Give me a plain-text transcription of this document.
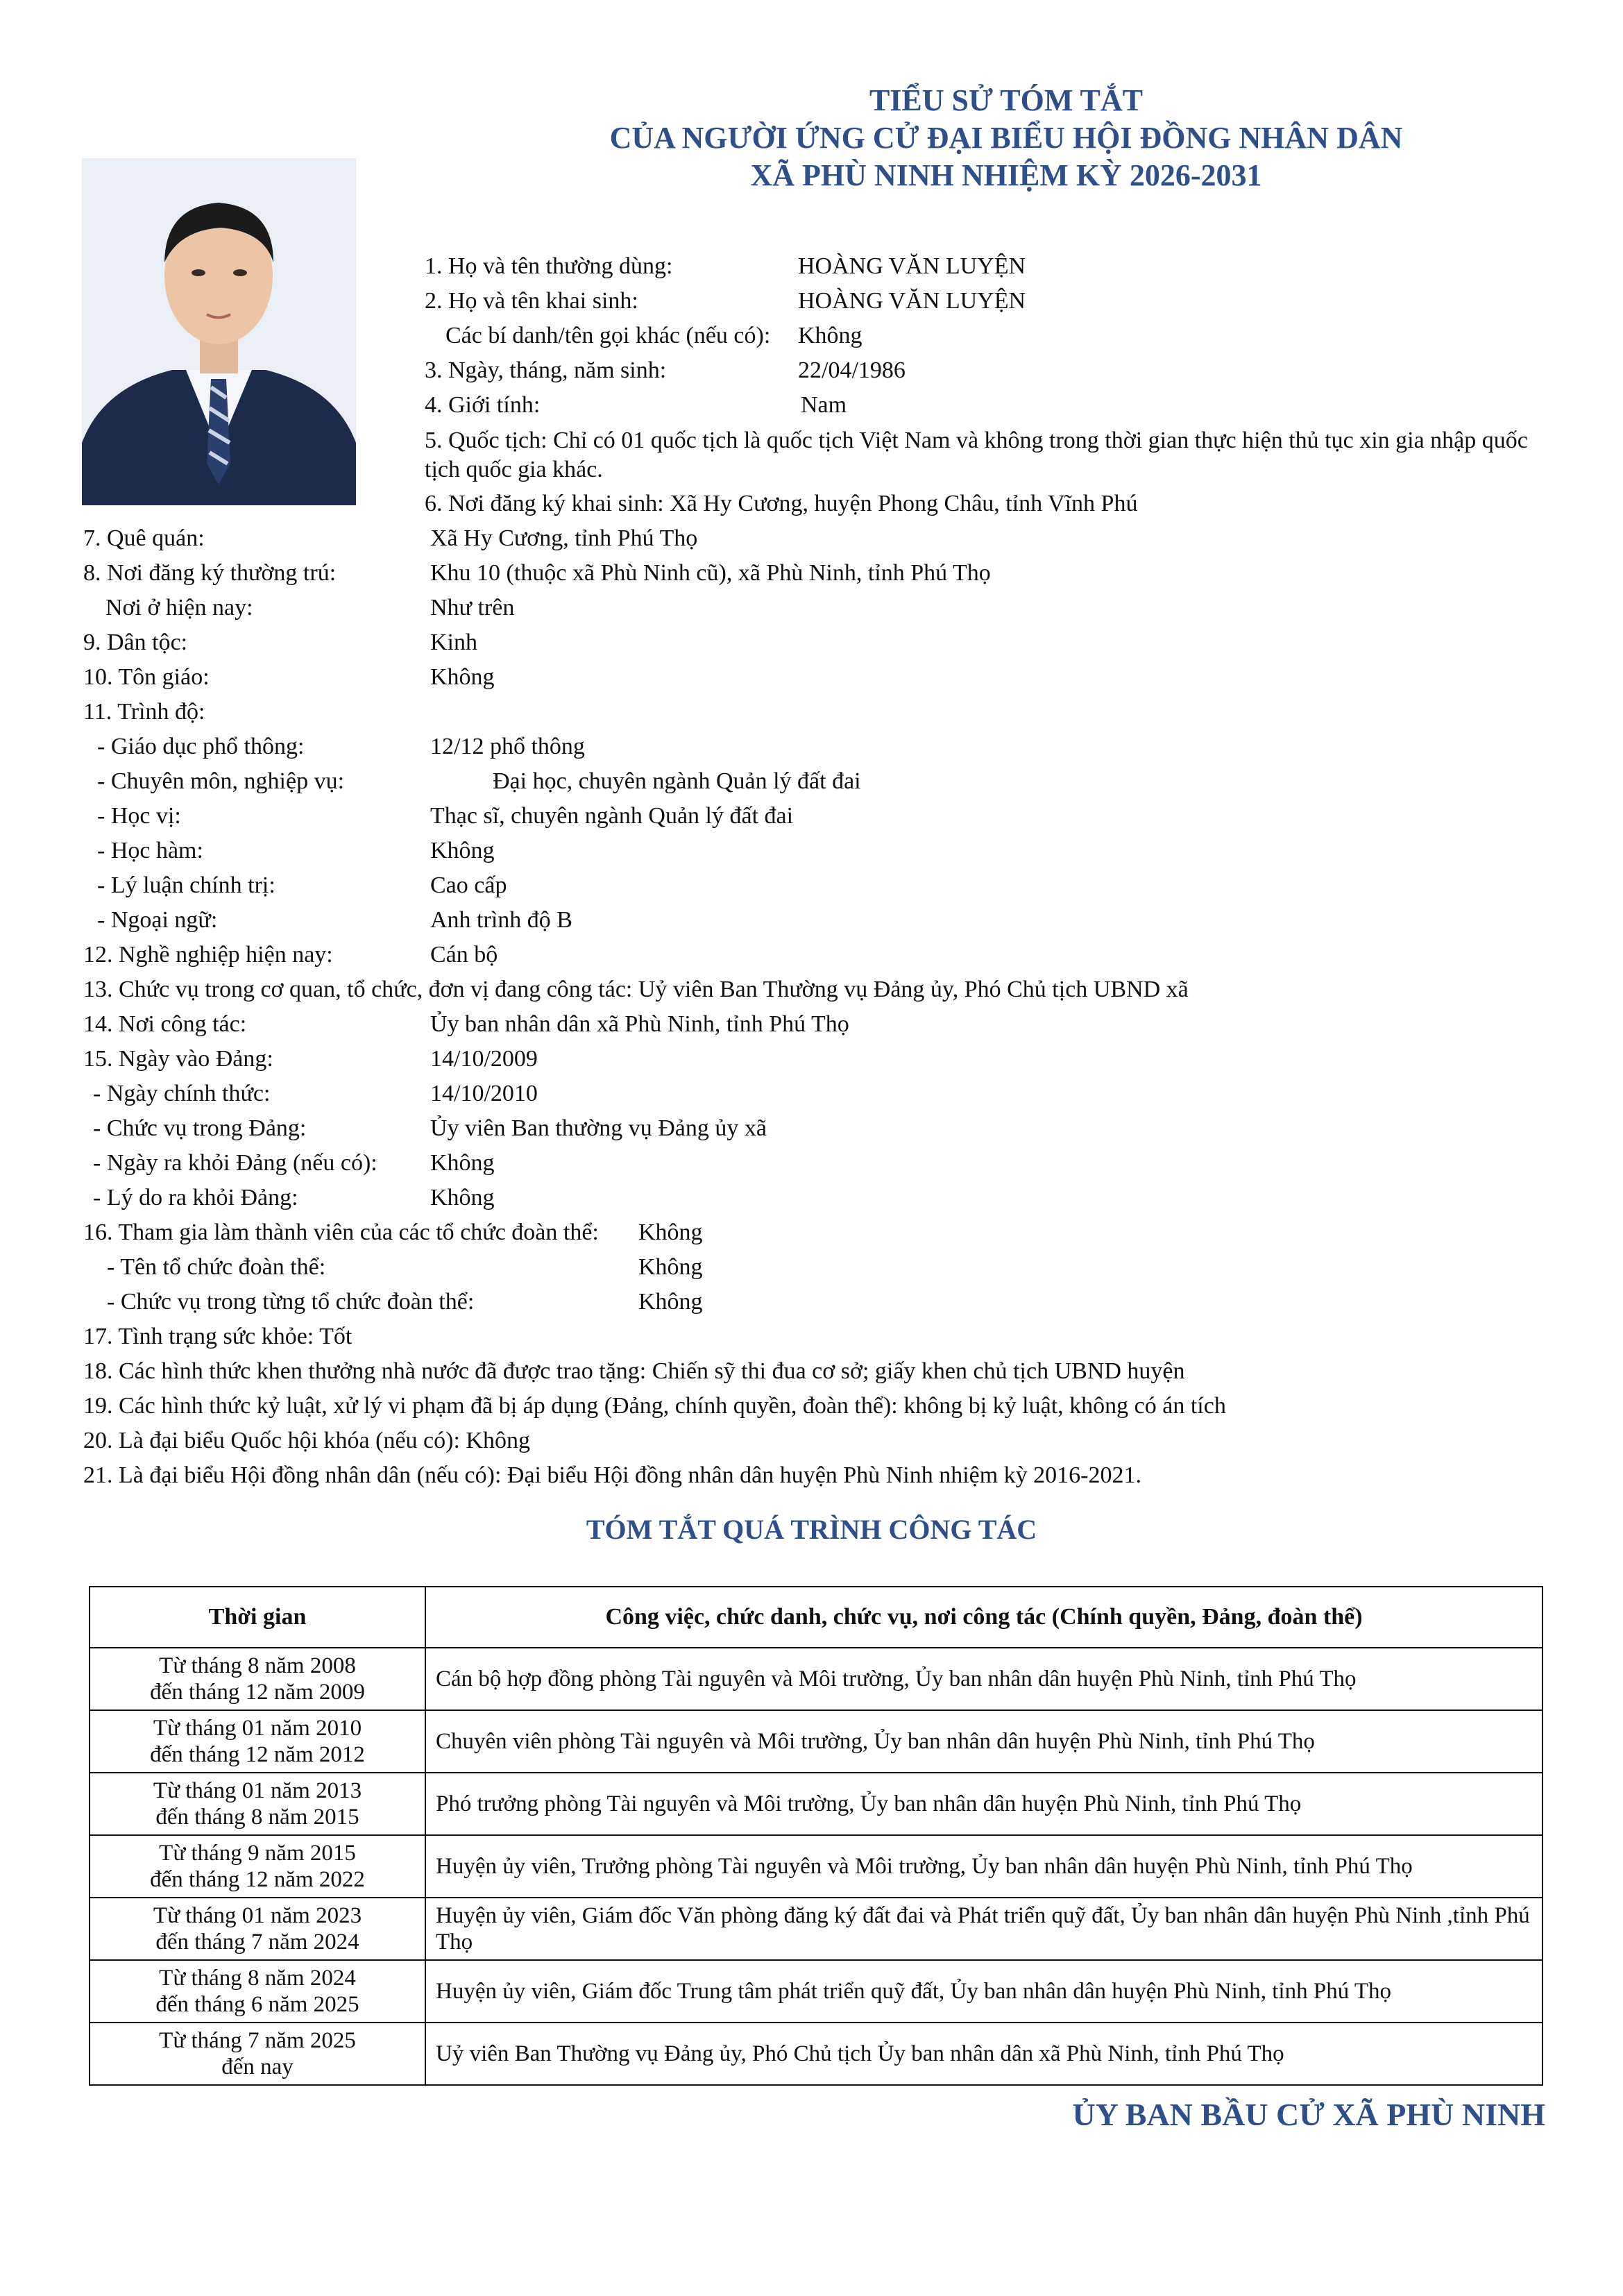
TIỂU SỬ TÓM TẮT
CỦA NGƯỜI ỨNG CỬ ĐẠI BIỂU HỘI ĐỒNG NHÂN DÂN
XÃ PHÙ NINH NHIỆM KỲ 2026-2031
1. Họ và tên thường dùng:	HOÀNG VĂN LUYỆN
2. Họ và tên khai sinh:	HOÀNG VĂN LUYỆN
Các bí danh/tên gọi khác (nếu có): Không
3. Ngày, tháng, năm sinh:	22/04/1986
4. Giới tính:	Nam
5. Quốc tịch: Chỉ có 01 quốc tịch là quốc tịch Việt Nam và không trong thời gian thực hiện thủ tục xin gia nhập quốc tịch quốc gia khác.
6. Nơi đăng ký khai sinh: Xã Hy Cương, huyện Phong Châu, tỉnh Vĩnh Phú
7. Quê quán:	Xã Hy Cương, tỉnh Phú Thọ
8. Nơi đăng ký thường trú:	Khu 10 (thuộc xã Phù Ninh cũ), xã Phù Ninh, tỉnh Phú Thọ
Nơi ở hiện nay:	Như trên
9. Dân tộc:	Kinh
10. Tôn giáo:	Không
11. Trình độ:
- Giáo dục phổ thông:	12/12 phổ thông
- Chuyên môn, nghiệp vụ:	Đại học, chuyên ngành Quản lý đất đai
- Học vị:	Thạc sĩ, chuyên ngành Quản lý đất đai
- Học hàm:	Không
- Lý luận chính trị:	Cao cấp
- Ngoại ngữ:	Anh trình độ B
12. Nghề nghiệp hiện nay:	Cán bộ
13. Chức vụ trong cơ quan, tổ chức, đơn vị đang công tác: Uỷ viên Ban Thường vụ Đảng ủy, Phó Chủ tịch UBND xã
14. Nơi công tác:	Ủy ban nhân dân xã Phù Ninh, tỉnh Phú Thọ
15. Ngày vào Đảng:	14/10/2009
- Ngày chính thức:	14/10/2010
- Chức vụ trong Đảng:	Ủy viên Ban thường vụ Đảng ủy xã
- Ngày ra khỏi Đảng (nếu có): Không
- Lý do ra khỏi Đảng:	Không
16. Tham gia làm thành viên của các tổ chức đoàn thể: Không
- Tên tổ chức đoàn thể:	Không
- Chức vụ trong từng tổ chức đoàn thể:	Không
17. Tình trạng sức khỏe: Tốt
18. Các hình thức khen thưởng nhà nước đã được trao tặng: Chiến sỹ thi đua cơ sở; giấy khen chủ tịch UBND huyện
19. Các hình thức kỷ luật, xử lý vi phạm đã bị áp dụng (Đảng, chính quyền, đoàn thể): không bị kỷ luật, không có án tích
20. Là đại biểu Quốc hội khóa (nếu có): Không
21. Là đại biểu Hội đồng nhân dân (nếu có): Đại biểu Hội đồng nhân dân huyện Phù Ninh nhiệm kỳ 2016-2021.
TÓM TẮT QUÁ TRÌNH CÔNG TÁC
Thời gian	Công việc, chức danh, chức vụ, nơi công tác (Chính quyền, Đảng, đoàn thể)

Từ tháng 8 năm 2008
đến tháng 12 năm 2009	Cán bộ hợp đồng phòng Tài nguyên và Môi trường, Ủy ban nhân dân huyện Phù Ninh, tỉnh Phú Thọ

Từ tháng 01 năm 2010
đến tháng 12 năm 2012	Chuyên viên phòng Tài nguyên và Môi trường, Ủy ban nhân dân huyện Phù Ninh, tỉnh Phú Thọ

Từ tháng 01 năm 2013
đến tháng 8 năm 2015	Phó trưởng phòng Tài nguyên và Môi trường, Ủy ban nhân dân huyện Phù Ninh, tỉnh Phú Thọ

Từ tháng 9 năm 2015
đến tháng 12 năm 2022	Huyện ủy viên, Trưởng phòng Tài nguyên và Môi trường, Ủy ban nhân dân huyện Phù Ninh, tỉnh Phú Thọ

Từ tháng 01 năm 2023
đến tháng 7 năm 2024	Huyện ủy viên, Giám đốc Văn phòng đăng ký đất đai và Phát triển quỹ đất, Ủy ban nhân dân huyện Phù Ninh ,tỉnh Phú Thọ

Từ tháng 8 năm 2024
đến tháng 6 năm 2025	Huyện ủy viên, Giám đốc Trung tâm phát triển quỹ đất, Ủy ban nhân dân huyện Phù Ninh, tỉnh Phú Thọ

Từ tháng 7 năm 2025
đến nay	Uỷ viên Ban Thường vụ Đảng ủy, Phó Chủ tịch Ủy ban nhân dân xã Phù Ninh, tỉnh Phú Thọ

ỦY BAN BẦU CỬ XÃ PHÙ NINH
